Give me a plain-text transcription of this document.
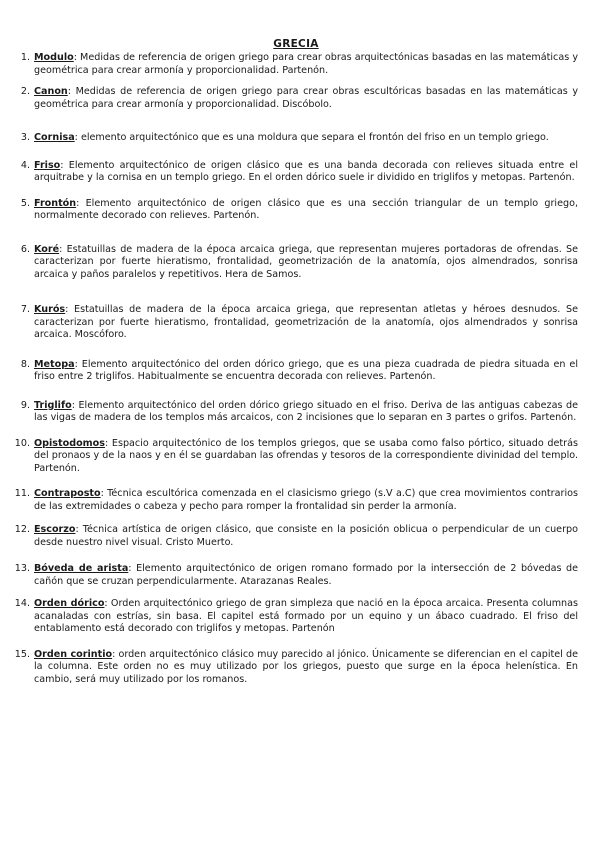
GRECIA
1. Modulo: Medidas de referencia de origen griego para crear obras arquitectónicas basadas en las matemáticas y geométrica para crear armonía y proporcionalidad. Partenón.
2. Canon: Medidas de referencia de origen griego para crear obras escultóricas basadas en las matemáticas y geométrica para crear armonía y proporcionalidad. Discóbolo.
3. Cornisa: elemento arquitectónico que es una moldura que separa el frontón del friso en un templo griego.
4. Friso: Elemento arquitectónico de origen clásico que es una banda decorada con relieves situada entre el arquitrabe y la cornisa en un templo griego. En el orden dórico suele ir dividido en triglifos y metopas. Partenón.
5. Frontón: Elemento arquitectónico de origen clásico que es una sección triangular de un templo griego, normalmente decorado con relieves. Partenón.
6. Koré: Estatuillas de madera de la época arcaica griega, que representan mujeres portadoras de ofrendas. Se caracterizan por fuerte hieratismo, frontalidad, geometrización de la anatomía, ojos almendrados, sonrisa arcaica y paños paralelos y repetitivos. Hera de Samos.
7. Kurós: Estatuillas de madera de la época arcaica griega, que representan atletas y héroes desnudos. Se caracterizan por fuerte hieratismo, frontalidad, geometrización de la anatomía, ojos almendrados y sonrisa arcaica. Moscóforo.
8. Metopa: Elemento arquitectónico del orden dórico griego, que es una pieza cuadrada de piedra situada en el friso entre 2 triglifos. Habitualmente se encuentra decorada con relieves. Partenón.
9. Triglifo: Elemento arquitectónico del orden dórico griego situado en el friso. Deriva de las antiguas cabezas de las vigas de madera de los templos más arcaicos, con 2 incisiones que lo separan en 3 partes o grifos. Partenón.
10. Opistodomos: Espacio arquitectónico de los templos griegos, que se usaba como falso pórtico, situado detrás del pronaos y de la naos y en él se guardaban las ofrendas y tesoros de la correspondiente divinidad del templo. Partenón.
11. Contraposto: Técnica escultórica comenzada en el clasicismo griego (s.V a.C) que crea movimientos contrarios de las extremidades o cabeza y pecho para romper la frontalidad sin perder la armonía.
12. Escorzo: Técnica artística de origen clásico, que consiste en la posición oblicua o perpendicular de un cuerpo desde nuestro nivel visual. Cristo Muerto.
13. Bóveda de arista: Elemento arquitectónico de origen romano formado por la intersección de 2 bóvedas de cañón que se cruzan perpendicularmente. Atarazanas Reales.
14. Orden dórico: Orden arquitectónico griego de gran simpleza que nació en la época arcaica. Presenta columnas acanaladas con estrías, sin basa. El capitel está formado por un equino y un ábaco cuadrado. El friso del entablamento está decorado con triglifos y metopas. Partenón
15. Orden corintio: orden arquitectónico clásico muy parecido al jónico. Únicamente se diferencian en el capitel de la columna. Este orden no es muy utilizado por los griegos, puesto que surge en la época helenística. En cambio, será muy utilizado por los romanos.
